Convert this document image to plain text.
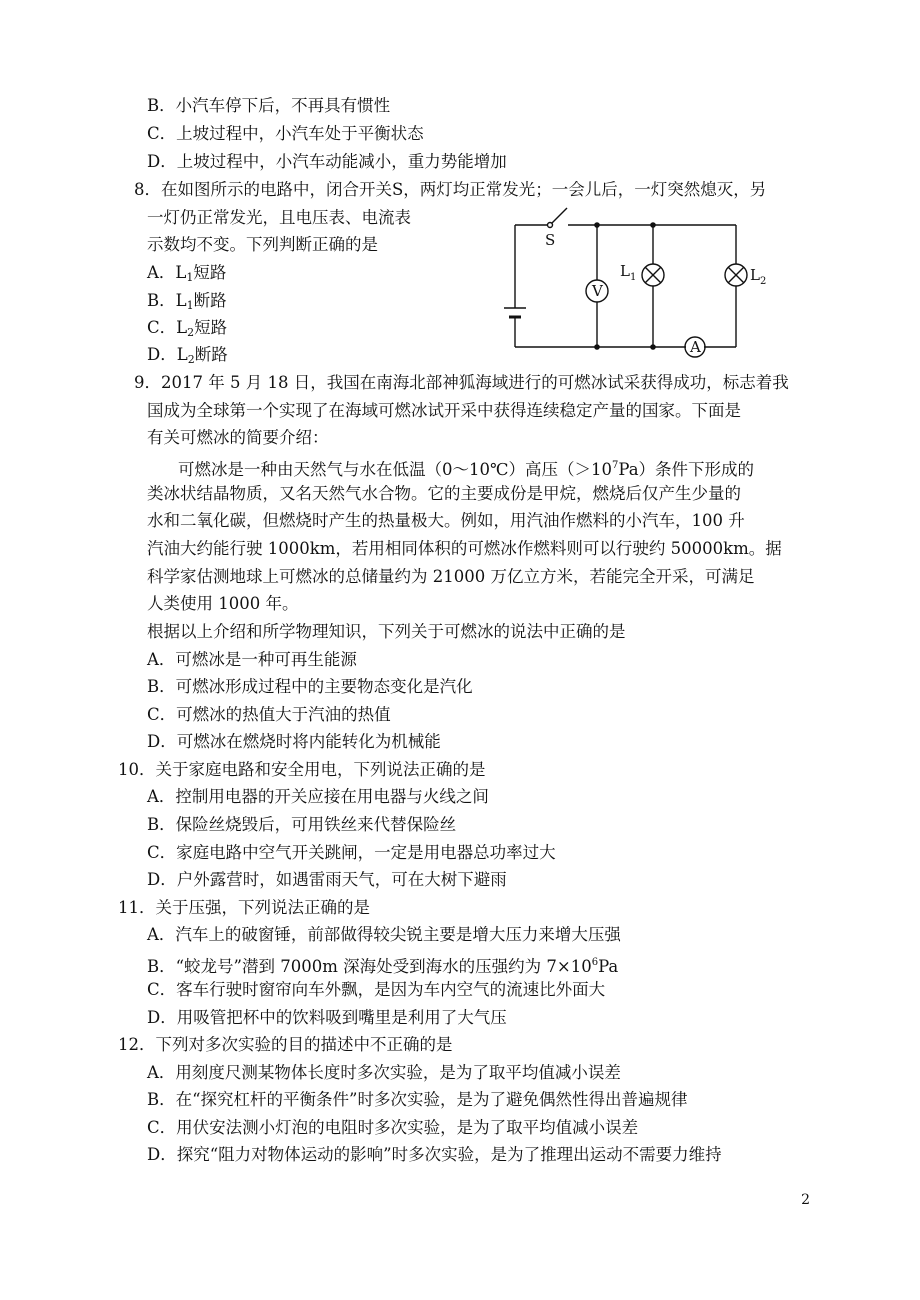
B．小汽车停下后，不再具有惯性
C．上坡过程中，小汽车处于平衡状态
D．上坡过程中，小汽车动能减小，重力势能增加
8．在如图所示的电路中，闭合开关S，两灯均正常发光；一会儿后，一灯突然熄灭，另
一灯仍正常发光，且电压表、电流表
示数均不变。下列判断正确的是
A．$L_1$短路
B．$L_1$断路
C．$L_2$短路
D．$L_2$断路
S
V
A
$L_1$	$L_2$
9．2017 年 5 月 18 日，我国在南海北部神狐海域进行的可燃冰试采获得成功，标志着我
国成为全球第一个实现了在海域可燃冰试开采中获得连续稳定产量的国家。下面是
有关可燃冰的简要介绍：
可燃冰是一种由天然气与水在低温（0～10℃）高压$(>10^7Pa)$条件下形成的
类冰状结晶物质，又名天然气水合物。它的主要成份是甲烷，燃烧后仅产生少量的
水和二氧化碳，但燃烧时产生的热量极大。例如，用汽油作燃料的小汽车，100 升
汽油大约能行驶 1000km，若用相同体积的可燃冰作燃料则可以行驶约 50000km。据
科学家估测地球上可燃冰的总储量约为 21000 万亿立方米，若能完全开采，可满足
人类使用 1000 年。
根据以上介绍和所学物理知识，下列关于可燃冰的说法中正确的是
A．可燃冰是一种可再生能源
B．可燃冰形成过程中的主要物态变化是汽化
C．可燃冰的热值大于汽油的热值
D．可燃冰在燃烧时将内能转化为机械能
10．关于家庭电路和安全用电，下列说法正确的是
A．控制用电器的开关应接在用电器与火线之间
B．保险丝烧毁后，可用铁丝来代替保险丝
C．家庭电路中空气开关跳闸，一定是用电器总功率过大
D．户外露营时，如遇雷雨天气，可在大树下避雨
11．关于压强，下列说法正确的是
A．汽车上的破窗锤，前部做得较尖锐主要是增大压力来增大压强
B．“蛟龙号”潜到 7000m 深海处受到海水的压强约为 $7\times 10^6Pa$
C．客车行驶时窗帘向车外飘，是因为车内空气的流速比外面大
D．用吸管把杯中的饮料吸到嘴里是利用了大气压
12．下列对多次实验的目的描述中不正确的是
A．用刻度尺测某物体长度时多次实验，是为了取平均值减小误差
B．在“探究杠杆的平衡条件”时多次实验，是为了避免偶然性得出普遍规律
C．用伏安法测小灯泡的电阻时多次实验，是为了取平均值减小误差
D．探究“阻力对物体运动的影响”时多次实验，是为了推理出运动不需要力维持
2
